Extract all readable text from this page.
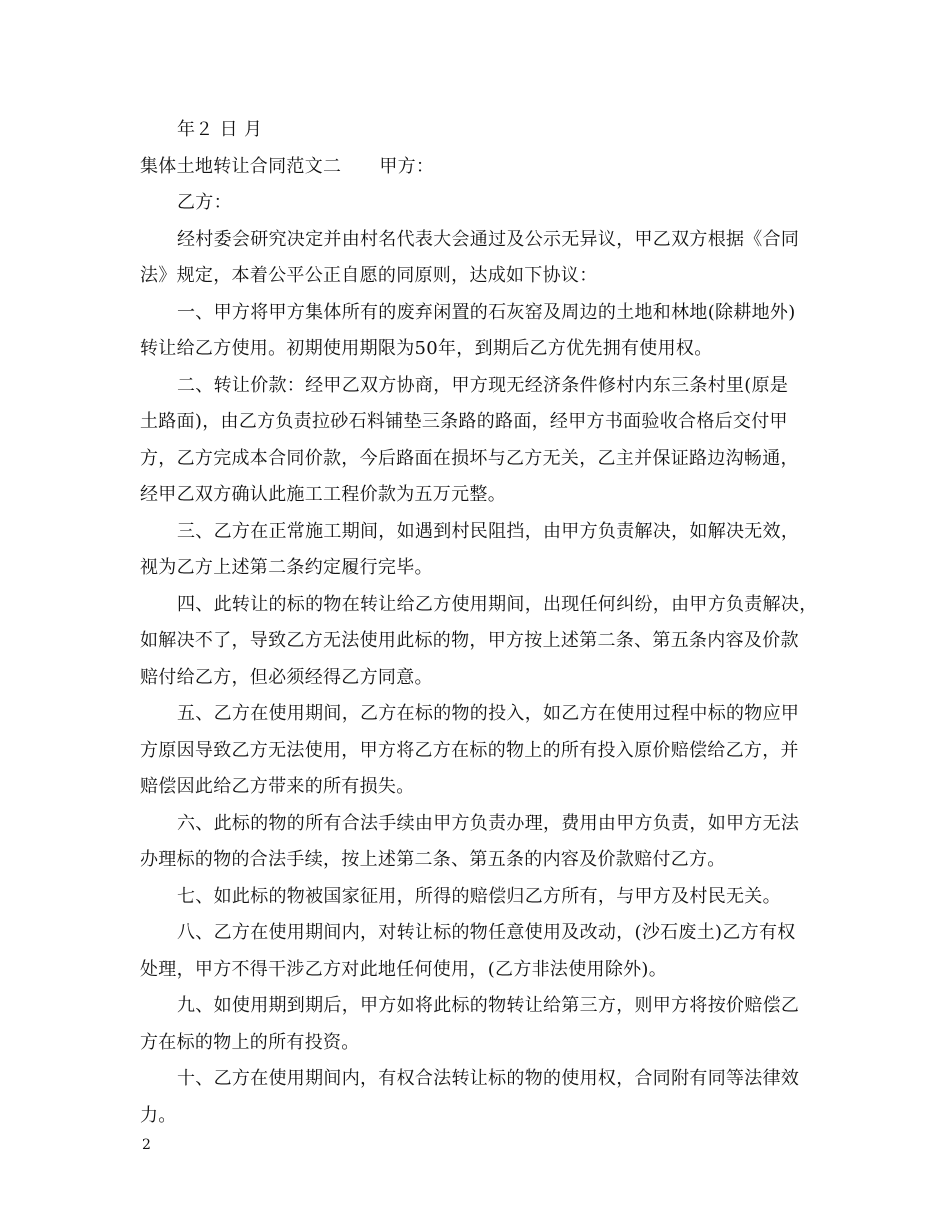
年２ 日 月
集体土地转让合同范文二 甲方：
乙方：
经村委会研究决定并由村名代表大会通过及公示无异议，甲乙双方根据《合同
法》规定，本着公平公正自愿的同原则，达成如下协议：
一、甲方将甲方集体所有的废弃闲置的石灰窑及周边的土地和林地(除耕地外)
转让给乙方使用。初期使用期限为50年，到期后乙方优先拥有使用权。
二、转让价款：经甲乙双方协商，甲方现无经济条件修村内东三条村里(原是
土路面)，由乙方负责拉砂石料铺垫三条路的路面，经甲方书面验收合格后交付甲
方，乙方完成本合同价款，今后路面在损坏与乙方无关，乙主并保证路边沟畅通，
经甲乙双方确认此施工工程价款为五万元整。
三、乙方在正常施工期间，如遇到村民阻挡，由甲方负责解决，如解决无效，
视为乙方上述第二条约定履行完毕。
四、此转让的标的物在转让给乙方使用期间，出现任何纠纷，由甲方负责解决，
如解决不了，导致乙方无法使用此标的物，甲方按上述第二条、第五条内容及价款
赔付给乙方，但必须经得乙方同意。
五、乙方在使用期间，乙方在标的物的投入，如乙方在使用过程中标的物应甲
方原因导致乙方无法使用，甲方将乙方在标的物上的所有投入原价赔偿给乙方，并
赔偿因此给乙方带来的所有损失。
六、此标的物的所有合法手续由甲方负责办理，费用由甲方负责，如甲方无法
办理标的物的合法手续，按上述第二条、第五条的内容及价款赔付乙方。
七、如此标的物被国家征用，所得的赔偿归乙方所有，与甲方及村民无关。
八、乙方在使用期间内，对转让标的物任意使用及改动，(沙石废土)乙方有权
处理，甲方不得干涉乙方对此地任何使用，(乙方非法使用除外)。
九、如使用期到期后，甲方如将此标的物转让给第三方，则甲方将按价赔偿乙
方在标的物上的所有投资。
十、乙方在使用期间内，有权合法转让标的物的使用权，合同附有同等法律效
力。
2
